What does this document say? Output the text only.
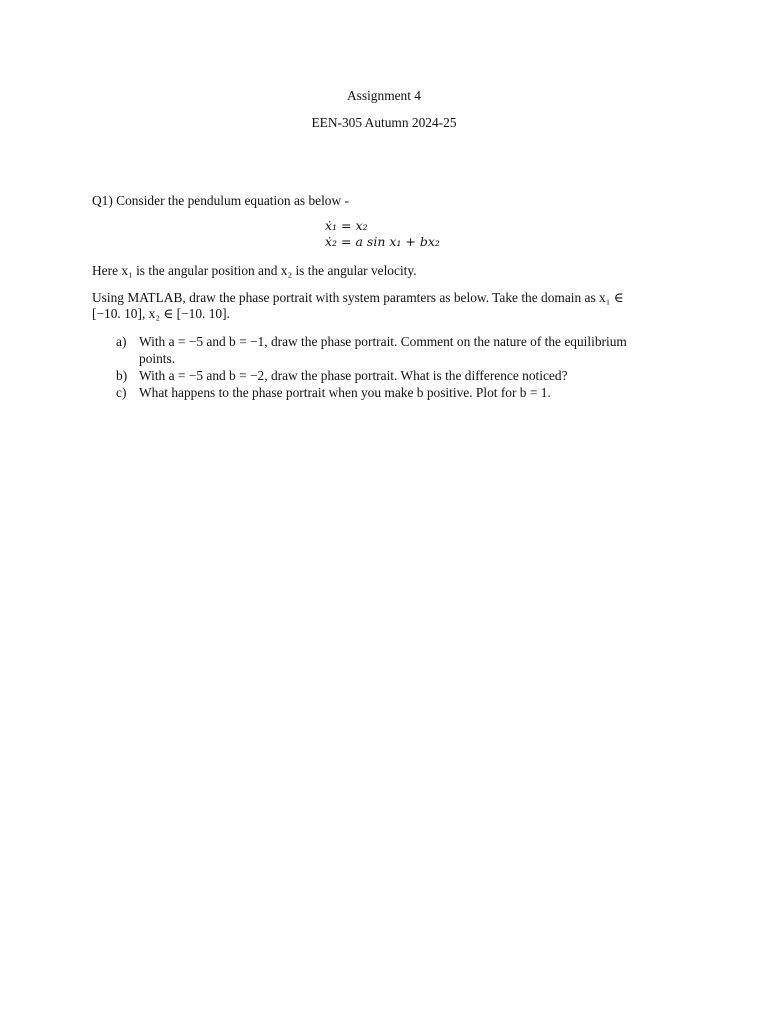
Assignment 4
EEN-305 Autumn 2024-25
Q1) Consider the pendulum equation as below -
ẋ₁ = x₂
ẋ₂ = a sin x₁ + bx₂
Here x₁ is the angular position and x₂ is the angular velocity.
Using MATLAB, draw the phase portrait with system paramters as below. Take the domain as x₁ ∈
[−10. 10], x₂ ∈ [−10. 10].
a) With a = −5 and b = −1, draw the phase portrait. Comment on the nature of the equilibrium
points.
b) With a = −5 and b = −2, draw the phase portrait. What is the difference noticed?
c) What happens to the phase portrait when you make b positive. Plot for b = 1.
